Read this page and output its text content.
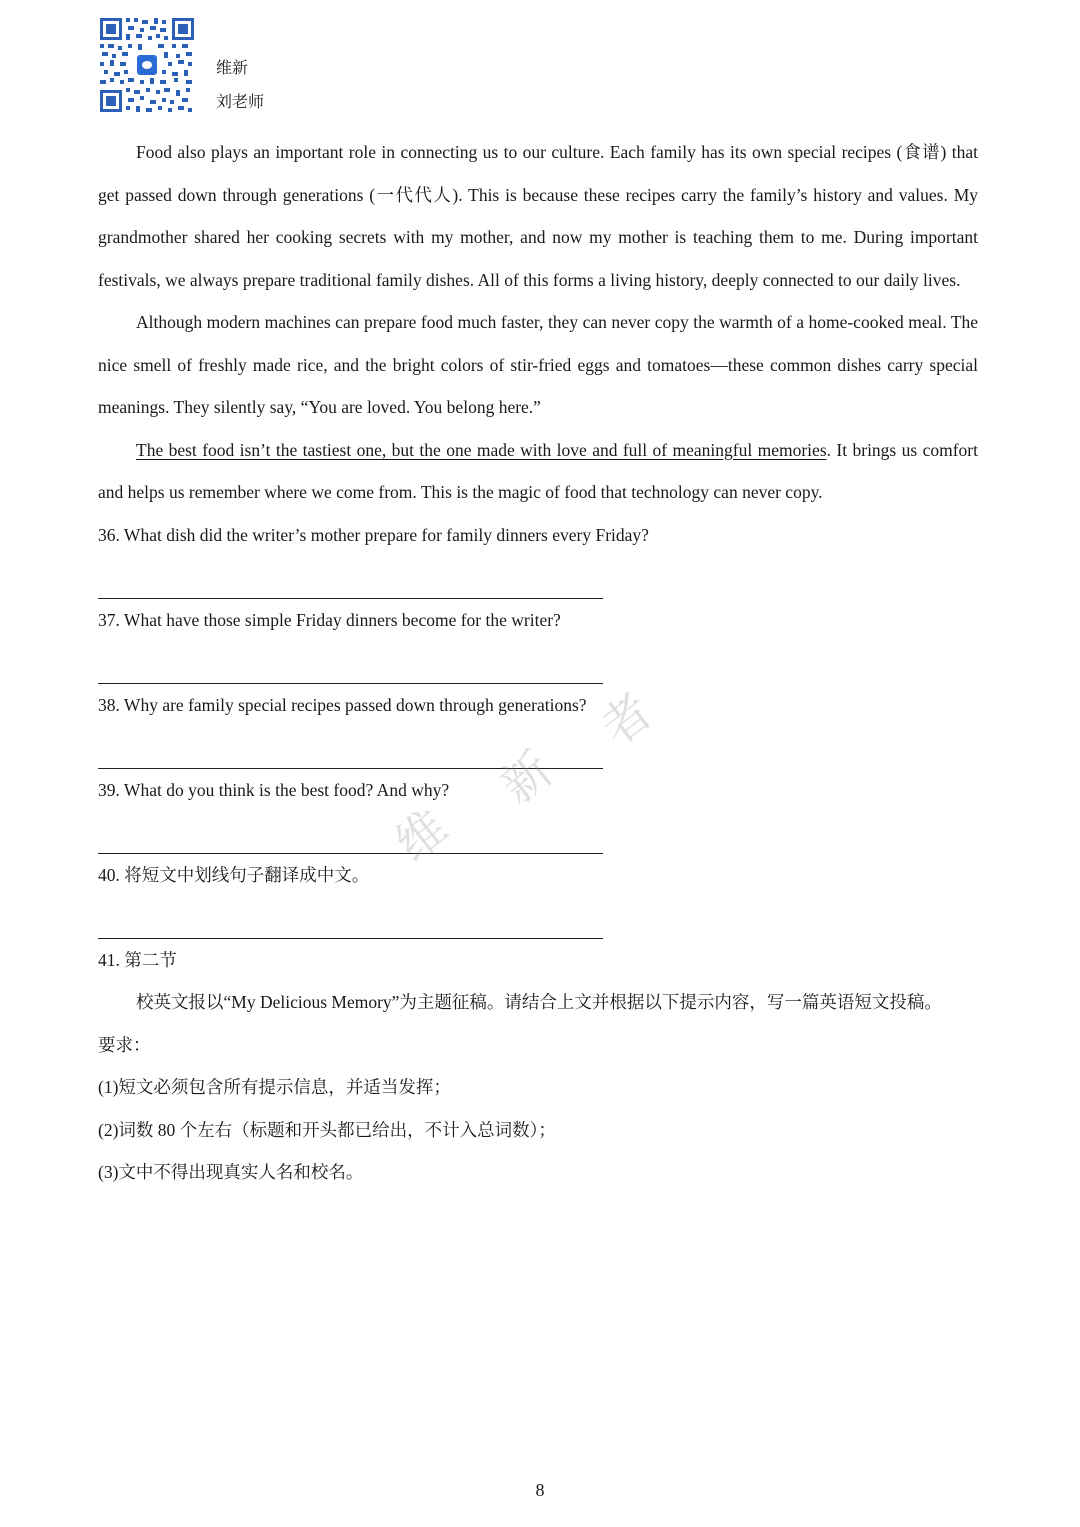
维新
刘老师

Food also plays an important role in connecting us to our culture. Each family has its own special recipes (食谱) that get passed down through generations (一代代人). This is because these recipes carry the family’s history and values. My grandmother shared her cooking secrets with my mother, and now my mother is teaching them to me. During important festivals, we always prepare traditional family dishes. All of this forms a living history, deeply connected to our daily lives.

Although modern machines can prepare food much faster, they can never copy the warmth of a home-cooked meal. The nice smell of freshly made rice, and the bright colors of stir-fried eggs and tomatoes—these common dishes carry special meanings. They silently say, “You are loved. You belong here.”

The best food isn’t the tastiest one, but the one made with love and full of meaningful memories. It brings us comfort and helps us remember where we come from. This is the magic of food that technology can never copy.

36. What dish did the writer’s mother prepare for family dinners every Friday?

37. What have those simple Friday dinners become for the writer?

38. Why are family special recipes passed down through generations?

39. What do you think is the best food? And why?

40. 将短文中划线句子翻译成中文。

41. 第二节

校英文报以“My Delicious Memory”为主题征稿。请结合上文并根据以下提示内容，写一篇英语短文投稿。

要求：

(1)短文必须包含所有提示信息，并适当发挥；

(2)词数 80 个左右（标题和开头都已给出，不计入总词数）；

(3)文中不得出现真实人名和校名。

维
新
者
8
